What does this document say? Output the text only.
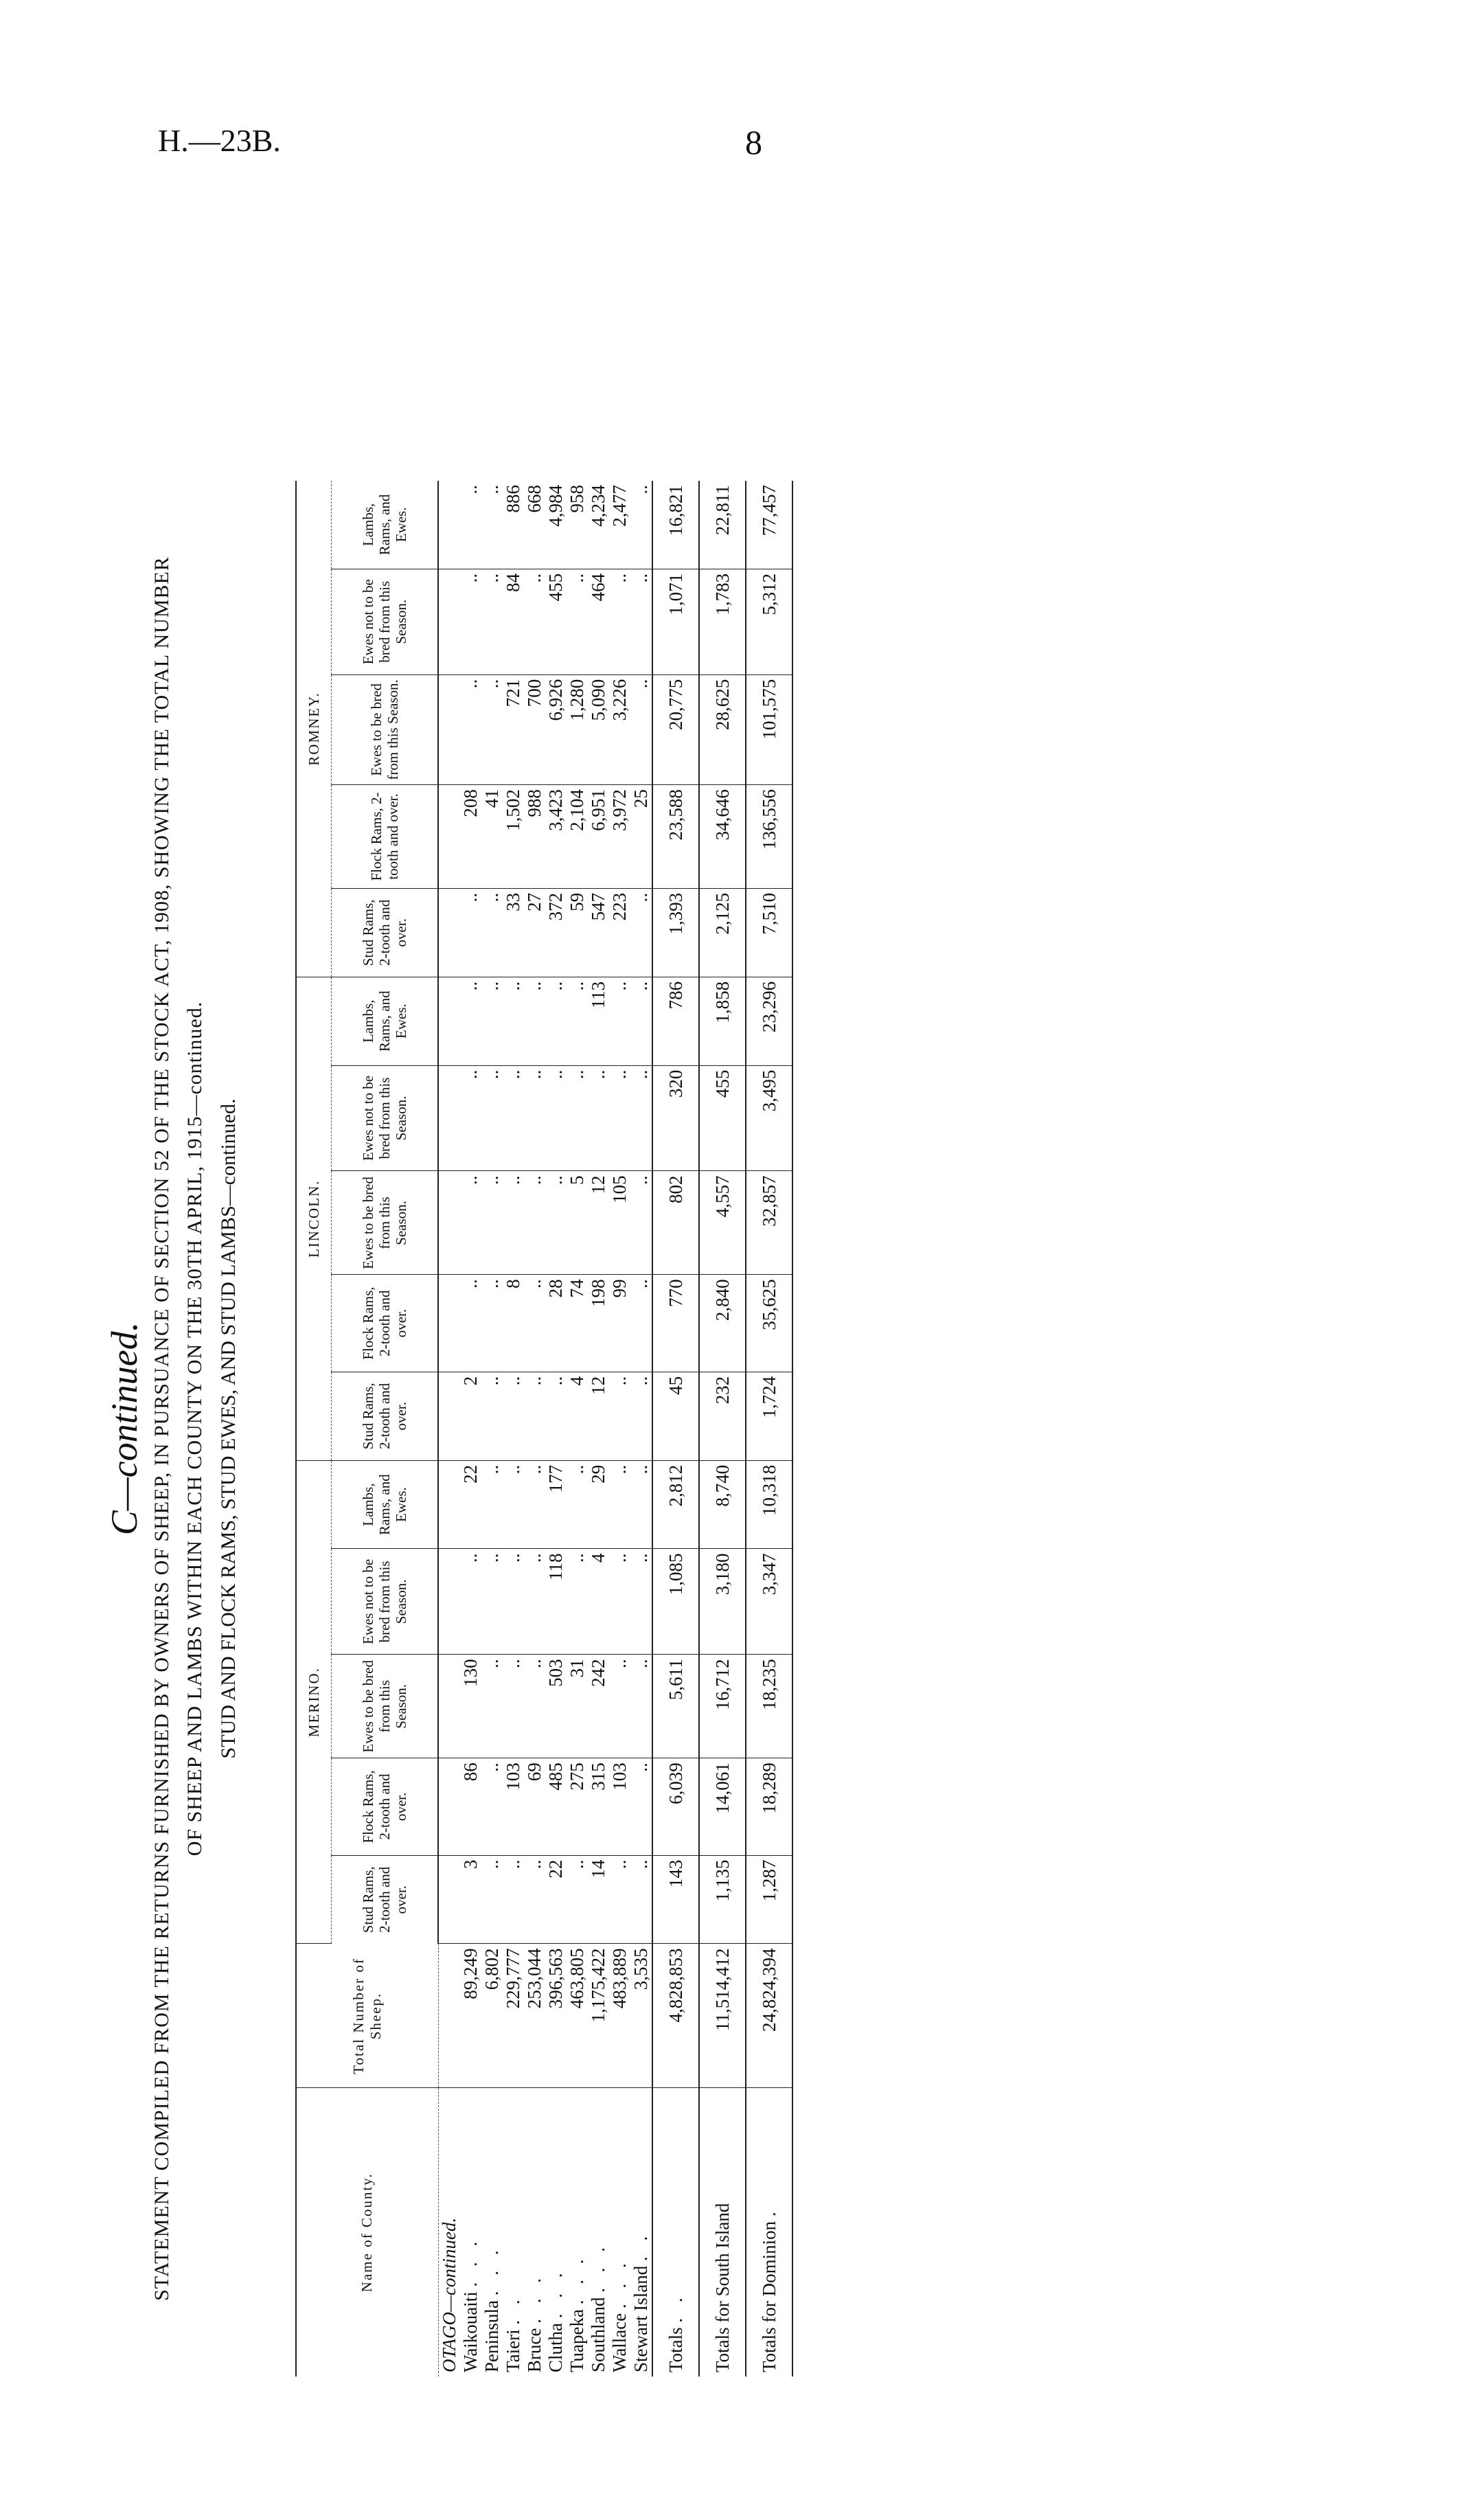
H.—23B.	8
C—continued. STATEMENT COMPILED FROM THE RETURNS FURNISHED BY OWNERS OF SHEEP, IN PURSUANCE OF SECTION 52 OF THE STOCK ACT, 1908, SHOWING THE TOTAL NUMBER OF SHEEP AND LAMBS WITHIN EACH COUNTY ON THE 30TH APRIL, 1915—continued. STUD AND FLOCK RAMS, STUD EWES, AND STUD LAMBS—continued.
Name of County.	Total Number of Sheep.	MERINO.					LINCOLN.					ROMNEY.				
		Stud Rams, 2-tooth and over.	Flock Rams, 2-tooth and over.	Ewes to be bred from this Season.	Ewes not to be bred from this Season.	Lambs, Rams, and Ewes.	Stud Rams, 2-tooth and over.	Flock Rams, 2-tooth and over.	Ewes to be bred from this Season.	Ewes not to be bred from this Season.	Lambs, Rams, and Ewes.	Stud Rams, 2-tooth and over.	Flock Rams, 2-tooth and over.	Ewes to be bred from this Season.	Ewes not to be bred from this Season.	Lambs, Rams, and Ewes.
OTAGO—continued.																
Waikouaiti . . .	89,249	3	86	130	..	22	2	..	..	..	..	..	208	..	..	..
Peninsula . . .	6,802	..	..	..	..	..	..	..	..	..	..	..	41	..	..	..
Taieri . .	229,777	..	103	..	..	..	..	8	..	..	..	33	1,502	721	84	886
Bruce . . .	253,044	..	69	..	..	..	..	..	..	..	..	27	988	700	..	668
Clutha . . .	396,563	22	485	503	118	177	..	28	..	..	..	372	3,423	6,926	455	4,984
Tuapeka . . .	463,805	..	275	31	..	..	4	74	5	..	..	59	2,104	1,280	..	958
Southland . . .	1,175,422	14	315	242	4	29	12	198	12	..	113	547	6,951	5,090	464	4,234
Wallace . . .	483,889	..	103	..	..	..	..	99	105	..	..	223	3,972	3,226	..	2,477
Stewart Island . .	3,535	..	..	..	..	..	..	..	..	..	..	..	25	..	..	..
Totals . .	4,828,853	143	6,039	5,611	1,085	2,812	45	770	802	320	786	1,393	23,588	20,775	1,071	16,821
Totals for South Island	11,514,412	1,135	14,061	16,712	3,180	8,740	232	2,840	4,557	455	1,858	2,125	34,646	28,625	1,783	22,811
Totals for Dominion .	24,824,394	1,287	18,289	18,235	3,347	10,318	1,724	35,625	32,857	3,495	23,296	7,510	136,556	101,575	5,312	77,457
